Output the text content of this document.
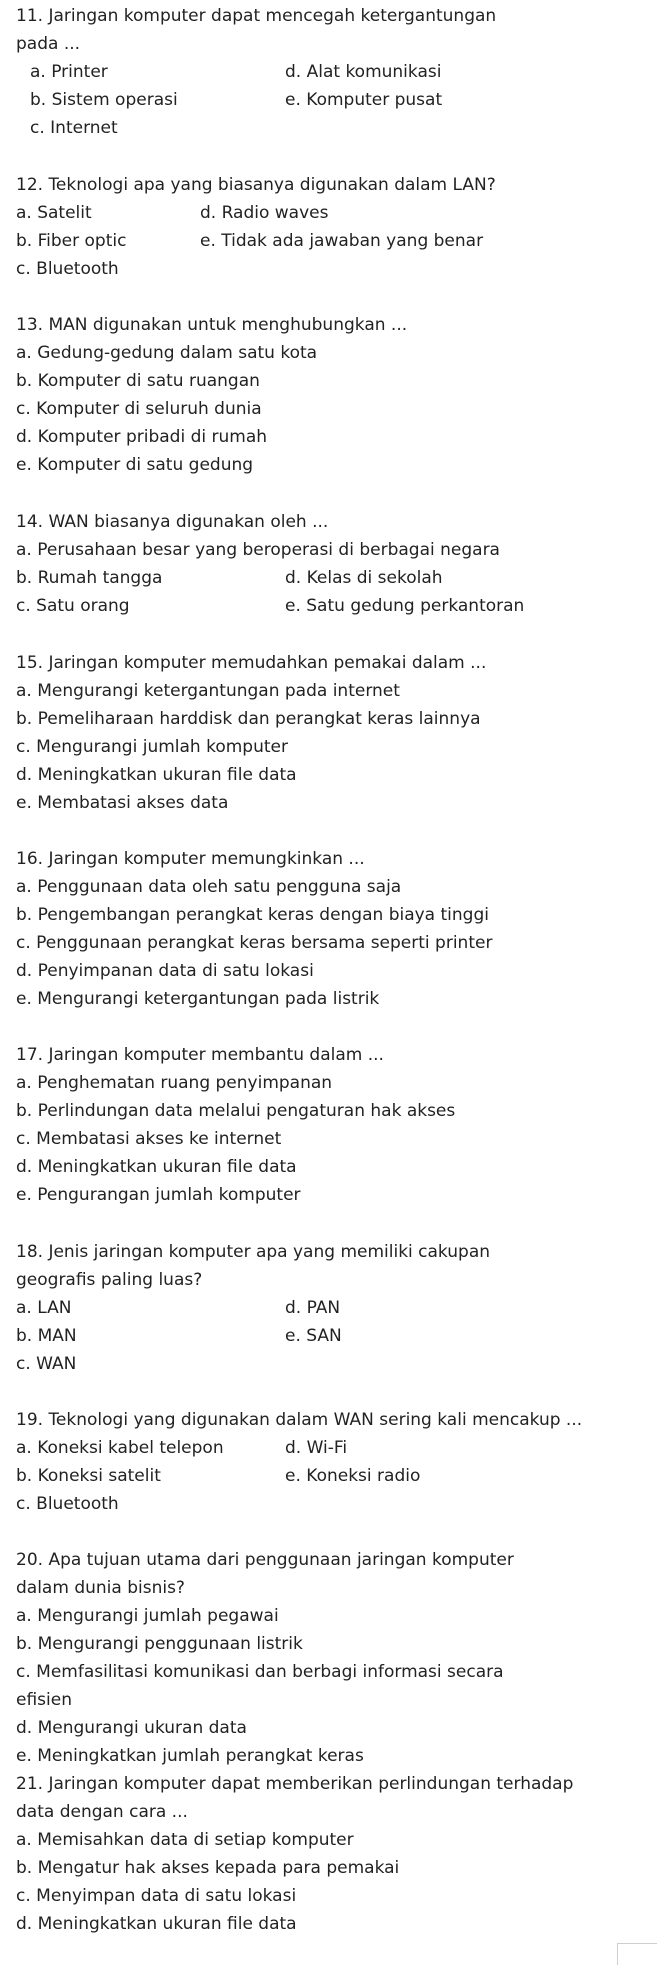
11. Jaringan komputer dapat mencegah ketergantungan
pada ...
a. Printer	d. Alat komunikasi
b. Sistem operasi	e. Komputer pusat
c. Internet
12. Teknologi apa yang biasanya digunakan dalam LAN?
a. Satelit	d. Radio waves
b. Fiber optic	e. Tidak ada jawaban yang benar
c. Bluetooth
13. MAN digunakan untuk menghubungkan ...
a. Gedung-gedung dalam satu kota
b. Komputer di satu ruangan
c. Komputer di seluruh dunia
d. Komputer pribadi di rumah
e. Komputer di satu gedung
14. WAN biasanya digunakan oleh ...
a. Perusahaan besar yang beroperasi di berbagai negara
b. Rumah tangga	d. Kelas di sekolah
c. Satu orang	e. Satu gedung perkantoran
15. Jaringan komputer memudahkan pemakai dalam ...
a. Mengurangi ketergantungan pada internet
b. Pemeliharaan harddisk dan perangkat keras lainnya
c. Mengurangi jumlah komputer
d. Meningkatkan ukuran file data
e. Membatasi akses data
16. Jaringan komputer memungkinkan ...
a. Penggunaan data oleh satu pengguna saja
b. Pengembangan perangkat keras dengan biaya tinggi
c. Penggunaan perangkat keras bersama seperti printer
d. Penyimpanan data di satu lokasi
e. Mengurangi ketergantungan pada listrik
17. Jaringan komputer membantu dalam ...
a. Penghematan ruang penyimpanan
b. Perlindungan data melalui pengaturan hak akses
c. Membatasi akses ke internet
d. Meningkatkan ukuran file data
e. Pengurangan jumlah komputer
18. Jenis jaringan komputer apa yang memiliki cakupan
geografis paling luas?
a. LAN	d. PAN
b. MAN	e. SAN
c. WAN
19. Teknologi yang digunakan dalam WAN sering kali mencakup ...
a. Koneksi kabel telepon	d. Wi-Fi
b. Koneksi satelit	e. Koneksi radio
c. Bluetooth
20. Apa tujuan utama dari penggunaan jaringan komputer
dalam dunia bisnis?
a. Mengurangi jumlah pegawai
b. Mengurangi penggunaan listrik
c. Memfasilitasi komunikasi dan berbagi informasi secara
efisien
d. Mengurangi ukuran data
e. Meningkatkan jumlah perangkat keras
21. Jaringan komputer dapat memberikan perlindungan terhadap
data dengan cara ...
a. Memisahkan data di setiap komputer
b. Mengatur hak akses kepada para pemakai
c. Menyimpan data di satu lokasi
d. Meningkatkan ukuran file data
